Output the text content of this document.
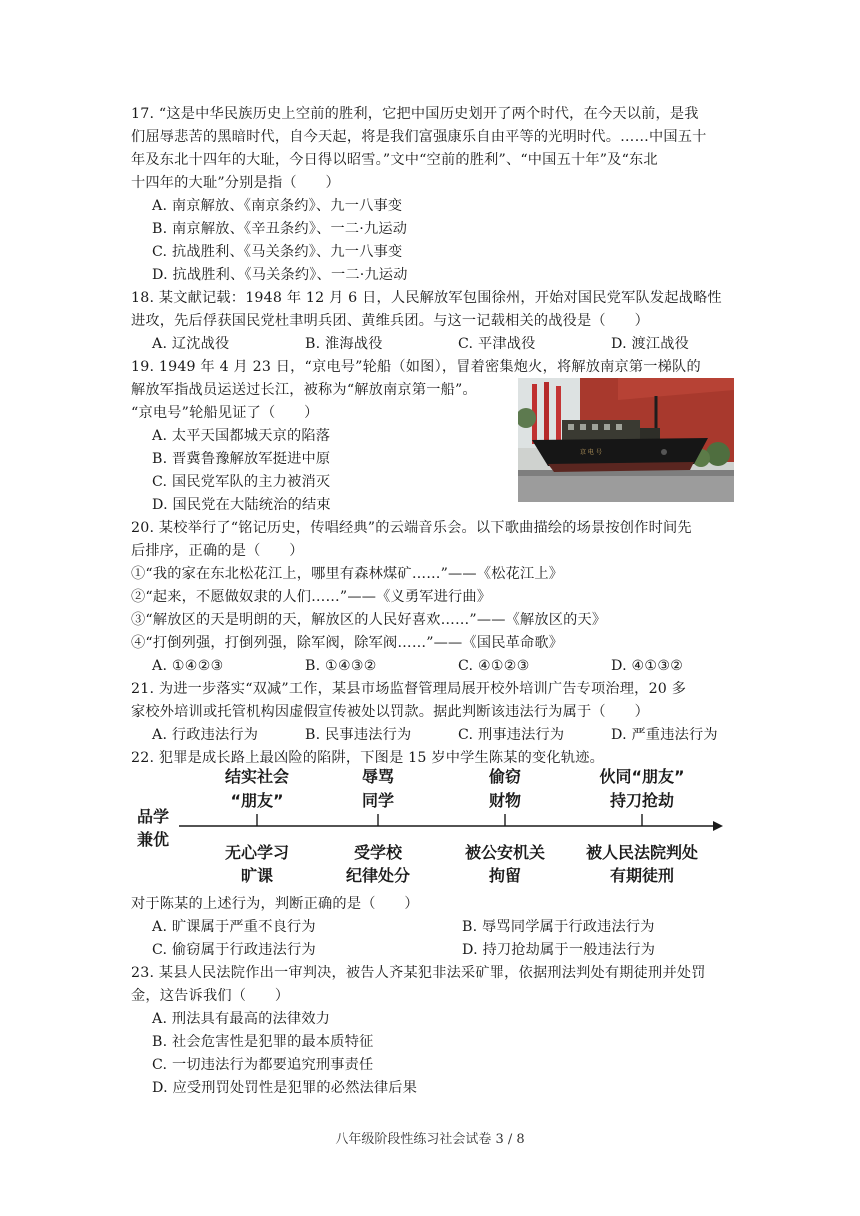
17. “这是中华民族历史上空前的胜利，它把中国历史划开了两个时代，在今天以前，是我
们屈辱悲苦的黑暗时代，自今天起，将是我们富强康乐自由平等的光明时代。……中国五十
年及东北十四年的大耻，今日得以昭雪。”文中“空前的胜利”、“中国五十年”及“东北
十四年的大耻”分别是指（　　）
A. 南京解放、《南京条约》、九一八事变
B. 南京解放、《辛丑条约》、一二·九运动
C. 抗战胜利、《马关条约》、九一八事变
D. 抗战胜利、《马关条约》、一二·九运动
18. 某文献记载：1948 年 12 月 6 日，人民解放军包围徐州，开始对国民党军队发起战略性
进攻，先后俘获国民党杜聿明兵团、黄维兵团。与这一记载相关的战役是（　　）
A. 辽沈战役	B. 淮海战役	C. 平津战役	D. 渡江战役
19. 1949 年 4 月 23 日，“京电号”轮船（如图），冒着密集炮火，将解放南京第一梯队的
解放军指战员运送过长江，被称为“解放南京第一船”。
“京电号”轮船见证了（　　）
A. 太平天国都城天京的陷落
B. 晋冀鲁豫解放军挺进中原
C. 国民党军队的主力被消灭
D. 国民党在大陆统治的结束
京 电 号
20. 某校举行了“铭记历史，传唱经典”的云端音乐会。以下歌曲描绘的场景按创作时间先
后排序，正确的是（　　）
①“我的家在东北松花江上，哪里有森林煤矿……”——《松花江上》
②“起来，不愿做奴隶的人们……”——《义勇军进行曲》
③“解放区的天是明朗的天，解放区的人民好喜欢……”——《解放区的天》
④“打倒列强，打倒列强，除军阀，除军阀……”——《国民革命歌》
A. ①④②③	B. ①④③②	C. ④①②③	D. ④①③②
21. 为进一步落实“双减”工作，某县市场监督管理局展开校外培训广告专项治理，20 多
家校外培训或托管机构因虚假宣传被处以罚款。据此判断该违法行为属于（　　）
A. 行政违法行为	B. 民事违法行为	C. 刑事违法行为	D. 严重违法行为
22. 犯罪是成长路上最凶险的陷阱，下图是 15 岁中学生陈某的变化轨迹。
品学
兼优
结实社会
“朋友”
辱骂
同学
偷窃
财物
伙同“朋友”
持刀抢劫
无心学习
旷课
受学校
纪律处分
被公安机关
拘留
被人民法院判处
有期徒刑
对于陈某的上述行为，判断正确的是（　　）
A. 旷课属于严重不良行为	B. 辱骂同学属于行政违法行为
C. 偷窃属于行政违法行为	D. 持刀抢劫属于一般违法行为
23. 某县人民法院作出一审判决，被告人齐某犯非法采矿罪，依据刑法判处有期徒刑并处罚
金，这告诉我们（　　）
A. 刑法具有最高的法律效力
B. 社会危害性是犯罪的最本质特征
C. 一切违法行为都要追究刑事责任
D. 应受刑罚处罚性是犯罪的必然法律后果
八年级阶段性练习社会试卷 3 / 8
